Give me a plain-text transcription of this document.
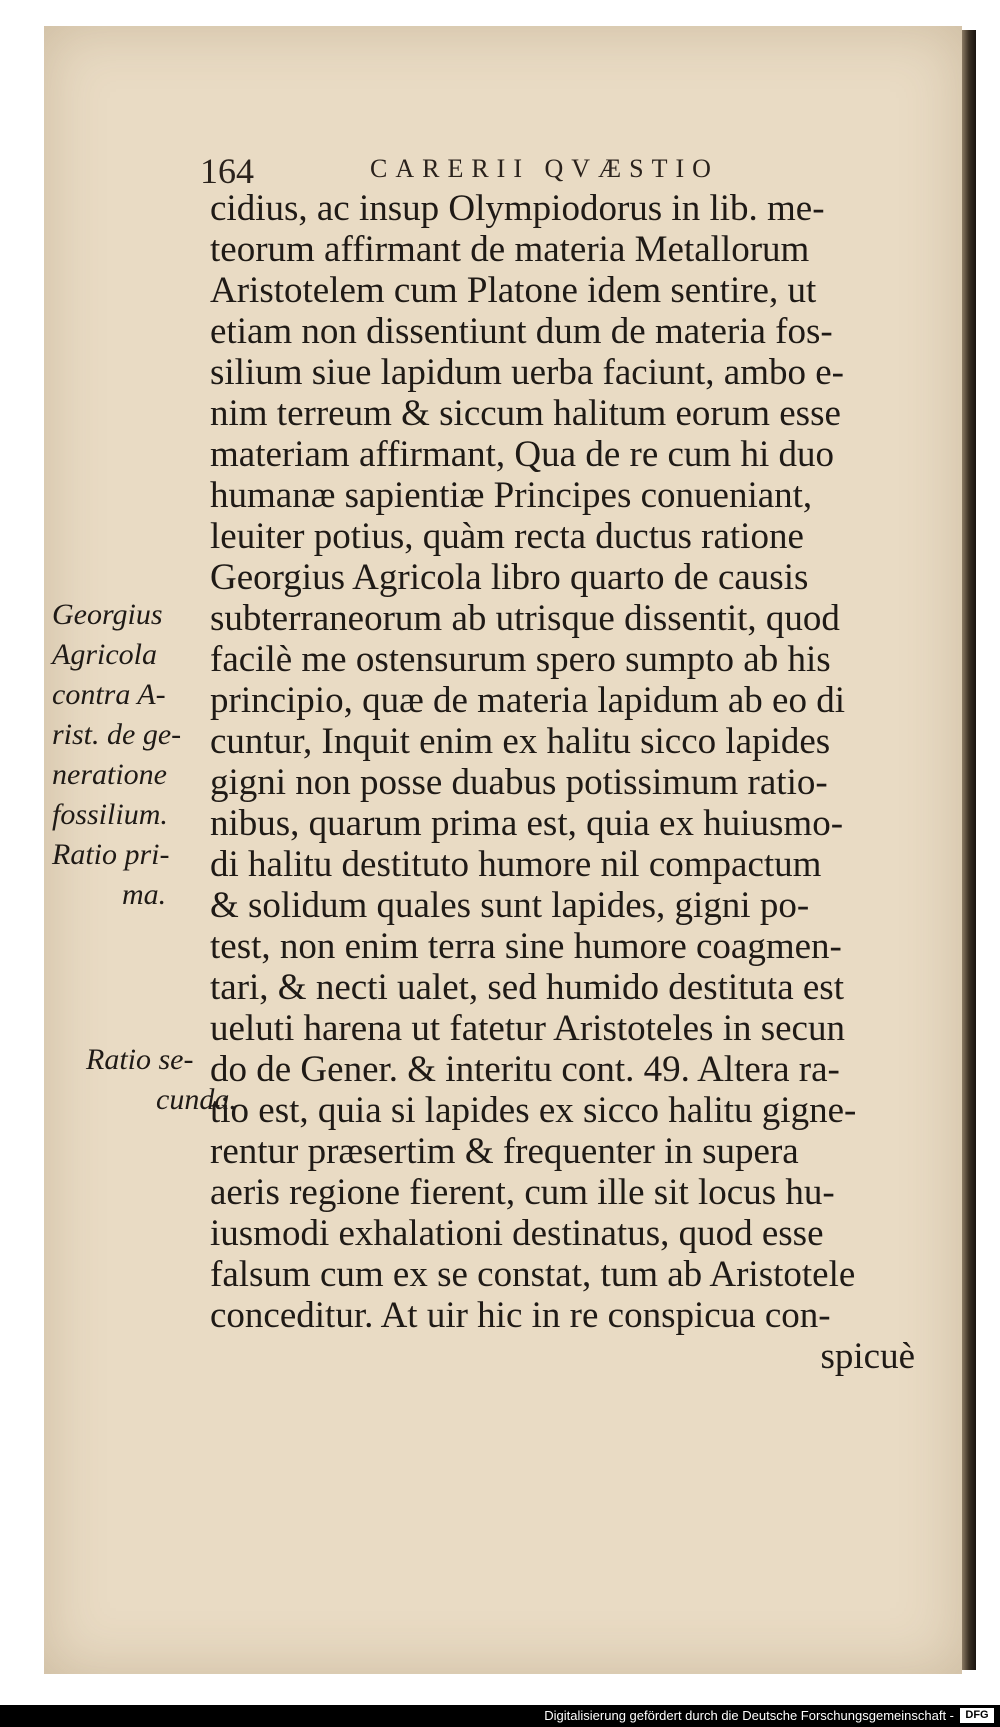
164	CARERII QVÆSTIO
cidius, ac insup Olympiodorus in lib. me-
teorum affirmant de materia Metallorum
Aristotelem cum Platone idem sentire, ut
etiam non dissentiunt dum de materia fos-
silium siue lapidum uerba faciunt, ambo e-
nim terreum & siccum halitum eorum esse
materiam affirmant, Qua de re cum hi duo
humanæ sapientiæ Principes conueniant,
leuiter potius, quàm recta ductus ratione
Georgius Agricola libro quarto de causis
subterraneorum ab utrisque dissentit, quod
facilè me ostensurum spero sumpto ab his
principio, quæ de materia lapidum ab eo di
cuntur, Inquit enim ex halitu sicco lapides
gigni non posse duabus potissimum ratio-
nibus, quarum prima est, quia ex huiusmo-
di halitu destituto humore nil compactum
& solidum quales sunt lapides, gigni po-
test, non enim terra sine humore coagmen-
tari, & necti ualet, sed humido destituta est
ueluti harena ut fatetur Aristoteles in secun
do de Gener. & interitu cont. 49. Altera ra-
tio est, quia si lapides ex sicco halitu gigne-
rentur præsertim & frequenter in supera
aeris regione fierent, cum ille sit locus hu-
iusmodi exhalationi destinatus, quod esse
falsum cum ex se constat, tum ab Aristotele
conceditur. At uir hic in re conspicua con-
spicuè
Georgius
Agricola
contra A-
rist. de ge-
neratione
fossilium.
Ratio pri-
ma.
Ratio se-
cunda.
Digitalisierung gefördert durch die Deutsche Forschungsgemeinschaft -	DFG
